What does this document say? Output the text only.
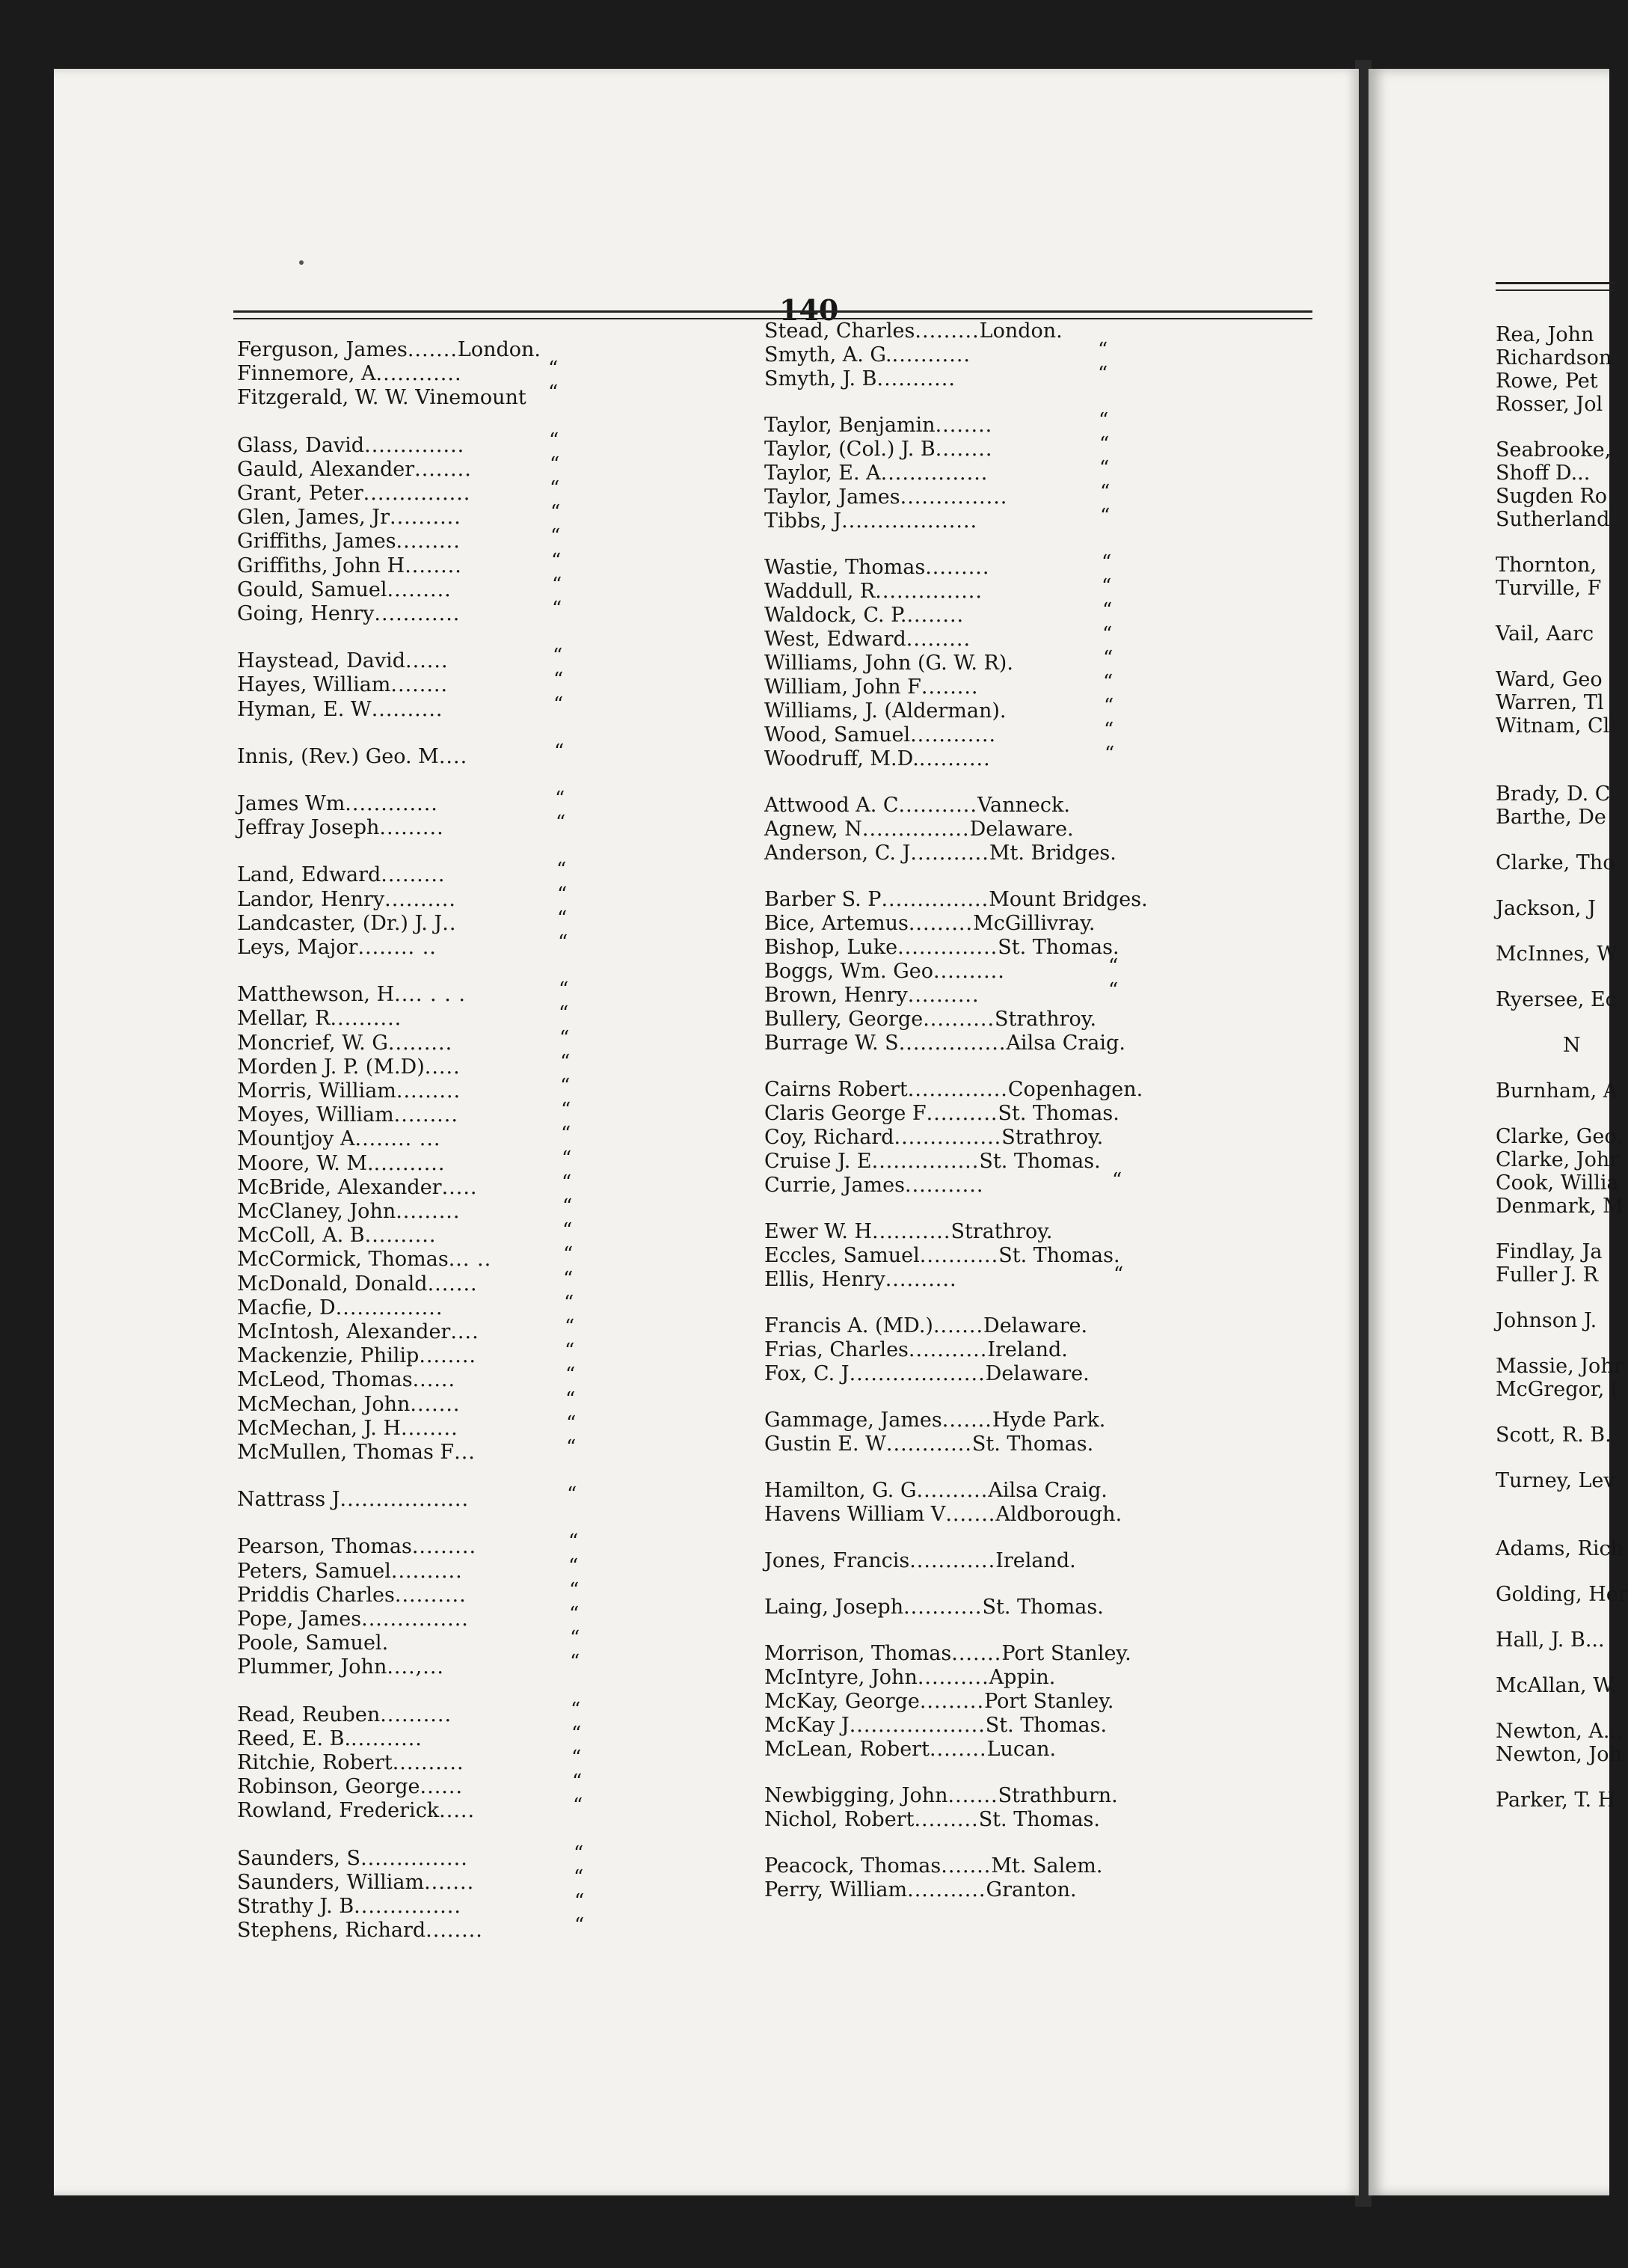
140
Ferguson, James.......London.
Finnemore, A............	“
Fitzgerald, W. W. Vinemount “
Glass, David..............	“
Gauld, Alexander........	“
Grant, Peter...............	“
Glen, James, Jr..........	“
Griffiths, James.........	“
Griffiths, John H........	“
Gould, Samuel.........	“
Going, Henry............	“
Haystead, David......	“
Hayes, William........	“
Hyman, E. W..........	“
Innis, (Rev.) Geo. M....	“
James Wm.............	“
Jeffray Joseph.........	“
Land, Edward.........	“
Landor, Henry..........	“
Landcaster, (Dr.) J. J..	“
Leys, Major........ ..	“
Matthewson, H.... . . .	“
Mellar, R..........	“
Moncrief, W. G.........	“
Morden J. P. (M.D).....	“
Morris, William.........	“
Moyes, William.........	“
Mountjoy A........ ...	“
Moore, W. M...........	“
McBride, Alexander.....	“
McClaney, John.........	“
McColl, A. B..........	“
McCormick, Thomas... ..	“
McDonald, Donald.......	“
Macfie, D...............	“
McIntosh, Alexander....	“
Mackenzie, Philip........	“
McLeod, Thomas......	“
McMechan, John.......	“
McMechan, J. H........	“
McMullen, Thomas F...	“
Nattrass J..................	“
Pearson, Thomas.........	“
Peters, Samuel..........	“
Priddis Charles..........	“
Pope, James...............	“
Poole, Samuel.	“
Plummer, John....,...	“
Read, Reuben..........	“
Reed, E. B...........	“
Ritchie, Robert..........	“
Robinson, George......	“
Rowland, Frederick.....	“
Saunders, S...............	“
Saunders, William.......	“
Strathy J. B...............	“
Stephens, Richard........	“
Stead, Charles.........London.
Smyth, A. G............	“
Smyth, J. B...........	“
Taylor, Benjamin........	“
Taylor, (Col.) J. B........	“
Taylor, E. A...............	“
Taylor, James...............	“
Tibbs, J...................	“
Wastie, Thomas.........	“
Waddull, R...............	“
Waldock, C. P.........	“
West, Edward.........	“
Williams, John (G. W. R).	“
William, John F........	“
Williams, J. (Alderman).	“
Wood, Samuel............	“
Woodruff, M.D...........	“
Attwood A. C...........Vanneck.
Agnew, N...............Delaware.
Anderson, C. J...........Mt. Bridges.
Barber S. P...............Mount Bridges.
Bice, Artemus.........McGillivray.
Bishop, Luke..............St. Thomas.
Boggs, Wm. Geo..........	“
Brown, Henry..........	“
Bullery, George..........Strathroy.
Burrage W. S...............Ailsa Craig.
Cairns Robert..............Copenhagen.
Claris George F..........St. Thomas.
Coy, Richard...............Strathroy.
Cruise J. E...............St. Thomas.
Currie, James...........	“
Ewer W. H...........Strathroy.
Eccles, Samuel...........St. Thomas.
Ellis, Henry..........	“
Francis A. (MD.).......Delaware.
Frias, Charles...........Ireland.
Fox, C. J...................Delaware.
Gammage, James.......Hyde Park.
Gustin E. W............St. Thomas.
Hamilton, G. G..........Ailsa Craig.
Havens William V.......Aldborough.
Jones, Francis............Ireland.
Laing, Joseph...........St. Thomas.
Morrison, Thomas.......Port Stanley.
McIntyre, John..........Appin.
McKay, George.........Port Stanley.
McKay J...................St. Thomas.
McLean, Robert........Lucan.
Newbigging, John.......Strathburn.
Nichol, Robert.........St. Thomas.
Peacock, Thomas.......Mt. Salem.
Perry, William...........Granton.
Rea, John
Richardson
Rowe, Pet
Rosser, Jol
Seabrooke,
Shoff D...
Sugden Ro
Sutherland
Thornton,
Turville, F
Vail, Aarc
Ward, Geo
Warren, Tl
Witnam, Cl
Brady, D. C
Barthe, De
Clarke, Tho
Jackson, J
McInnes, W
Ryersee, Ec
N
Burnham, A
Clarke, Geo.
Clarke, Johr
Cook, Willia
Denmark, M
Findlay, Ja
Fuller J. R
Johnson J.
Massie, Johr
McGregor, (
Scott, R. B.
Turney, Lev
Adams, Rich
Golding, Her
Hall, J. B...
McAllan, W.
Newton, A...
Newton, Joh
Parker, T. H
